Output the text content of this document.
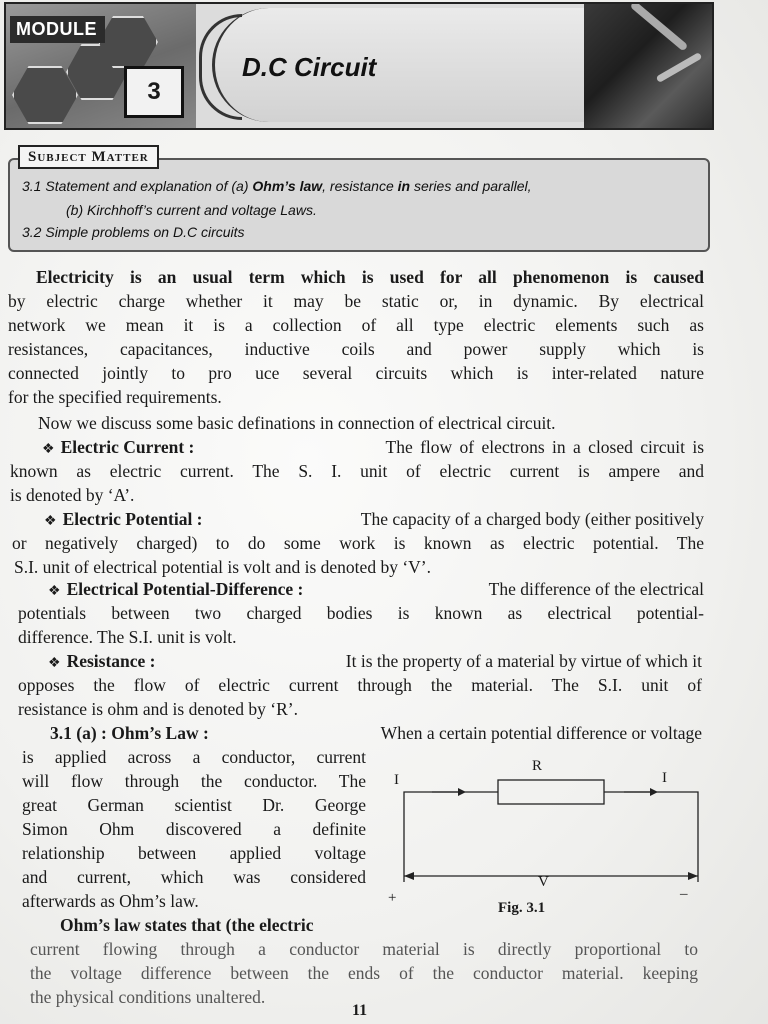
MODULE
3
D.C Circuit
Subject Matter
3.1 Statement and explanation of (a) Ohm’s law, resistance in series and parallel,
(b) Kirchhoff’s current and voltage Laws.
3.2 Simple problems on D.C circuits
Electricity is an usual term which is used for all phenomenon is caused
by electric charge whether it may be static or, in dynamic. By electrical
network we mean it is a collection of all type electric elements such as
resistances, capacitances, inductive coils and power supply which is
connected jointly to pro uce several circuits which is inter-related nature
for the specified requirements.
Now we discuss some basic definations in connection of electrical circuit.
❖ Electric Current :	The flow of electrons in a closed circuit is
known as electric current. The S. I. unit of electric current is ampere and
is denoted by ‘A’.
❖ Electric Potential :	The capacity of a charged body (either positively
or negatively charged) to do some work is known as electric potential. The
S.I. unit of electrical potential is volt and is denoted by ‘V’.
❖ Electrical Potential-Difference :	The difference of the electrical
potentials between two charged bodies is known as electrical potential-
difference. The S.I. unit is volt.
❖ Resistance :	It is the property of a material by virtue of which it
opposes the flow of electric current through the material. The S.I. unit of
resistance is ohm and is denoted by ‘R’.
3.1 (a) : Ohm’s Law :	When a certain potential difference or voltage
is applied across a conductor, current
will flow through the conductor. The
great German scientist Dr. George
Simon Ohm discovered a definite
relationship between applied voltage
and current, which was considered
afterwards as Ohm’s law.
Ohm’s law states that (the electric
current flowing through a conductor material is directly proportional to
the voltage difference between the ends of the conductor material. keeping
the physical conditions unaltered.
R
I	I
V
+	–
Fig. 3.1
11
